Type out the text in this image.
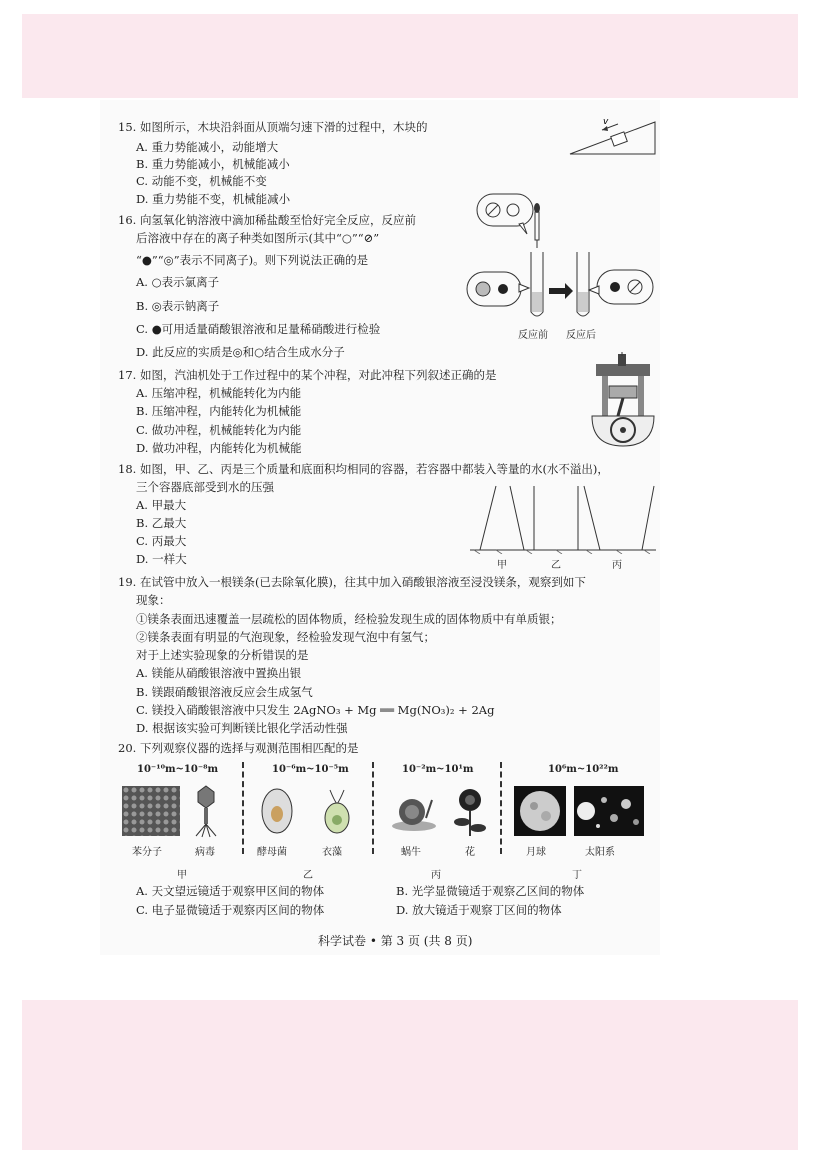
15. 如图所示，木块沿斜面从顶端匀速下滑的过程中，木块的
A. 重力势能减小，动能增大
B. 重力势能减小，机械能减小
C. 动能不变，机械能不变
D. 重力势能不变，机械能减小
v
16. 向氢氧化钠溶液中滴加稀盐酸至恰好完全反应，反应前
后溶液中存在的离子种类如图所示(其中“○”“⊘”
“●”“◎”表示不同离子)。则下列说法正确的是
A. ○表示氯离子
B. ◎表示钠离子
C. ●可用适量硝酸银溶液和足量稀硝酸进行检验
D. 此反应的实质是◎和○结合生成水分子
反应前 反应后
17. 如图，汽油机处于工作过程中的某个冲程，对此冲程下列叙述正确的是
A. 压缩冲程，机械能转化为内能
B. 压缩冲程，内能转化为机械能
C. 做功冲程，机械能转化为内能
D. 做功冲程，内能转化为机械能
18. 如图，甲、乙、丙是三个质量和底面积均相同的容器，若容器中都装入等量的水(水不溢出)，
三个容器底部受到水的压强
A. 甲最大
B. 乙最大
C. 丙最大
D. 一样大	甲	乙	丙
19. 在试管中放入一根镁条(已去除氧化膜)，往其中加入硝酸银溶液至浸没镁条，观察到如下
现象：
①镁条表面迅速覆盖一层疏松的固体物质，经检验发现生成的固体物质中有单质银；
②镁条表面有明显的气泡现象，经检验发现气泡中有氢气；
对于上述实验现象的分析错误的是
A. 镁能从硝酸银溶液中置换出银
B. 镁跟硝酸银溶液反应会生成氢气
C. 镁投入硝酸银溶液中只发生 2AgNO₃ + Mg ══ Mg(NO₃)₂ + 2Ag
D. 根据该实验可判断镁比银化学活动性强
20. 下列观察仪器的选择与观测范围相匹配的是
10⁻¹⁰m~10⁻⁸m	10⁻⁶m~10⁻⁵m	10⁻²m~10¹m	10⁶m~10²²m
苯分子	病毒	酵母菌	衣藻	蜗牛	花	月球	太阳系
甲	乙	丙	丁
A. 天文望远镜适于观察甲区间的物体	B. 光学显微镜适于观察乙区间的物体
C. 电子显微镜适于观察丙区间的物体	D. 放大镜适于观察丁区间的物体
科学试卷 • 第 3 页 (共 8 页)
